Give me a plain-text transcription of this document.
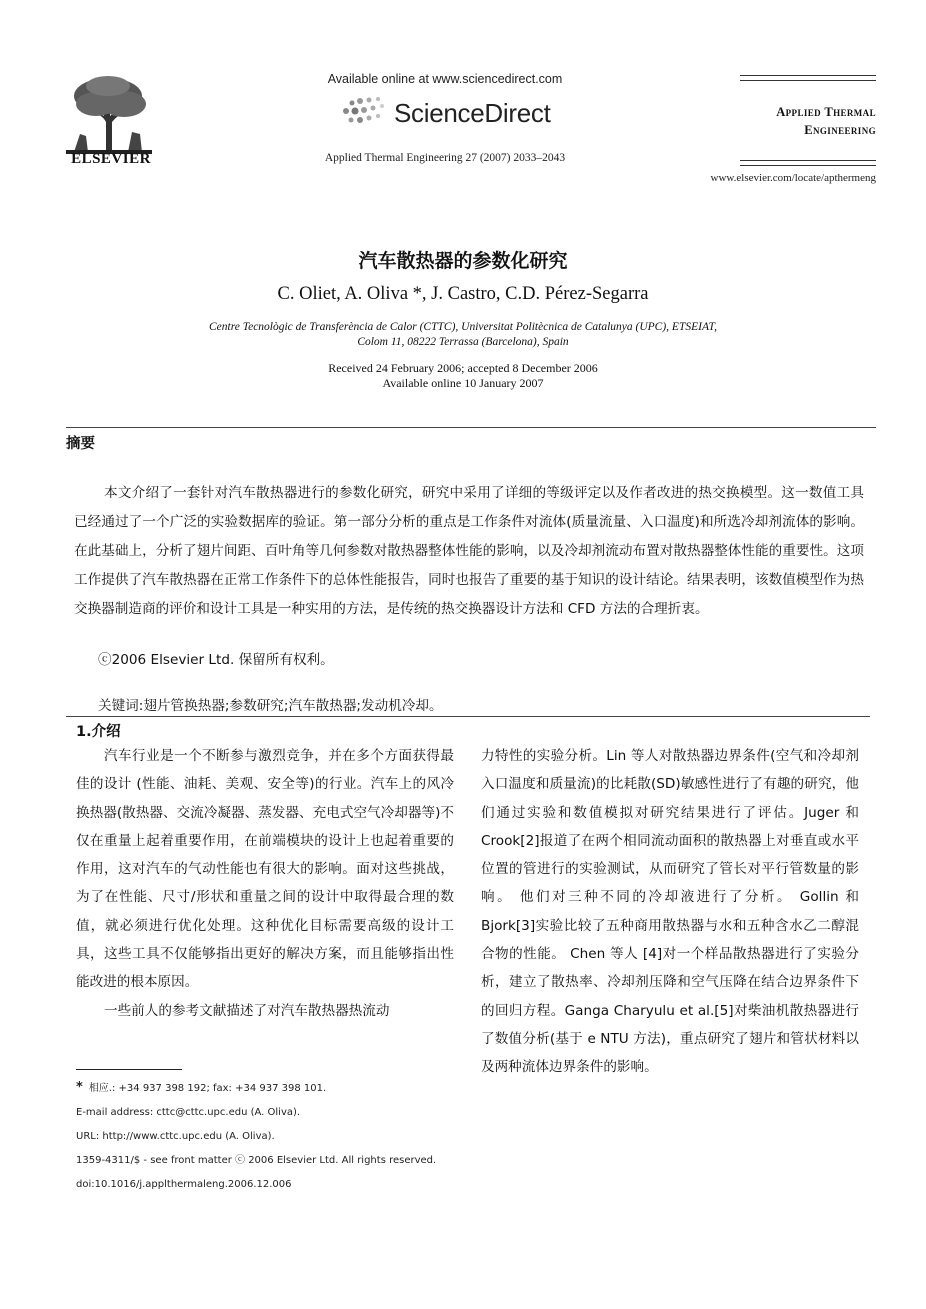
ELSEVIER
Available online at www.sciencedirect.com
ScienceDirect
Applied Thermal Engineering 27 (2007) 2033–2043
Applied Thermal
Engineering
www.elsevier.com/locate/apthermeng
汽车散热器的参数化研究
C. Oliet, A. Oliva *, J. Castro, C.D. Pérez-Segarra
Centre Tecnològic de Transferència de Calor (CTTC), Universitat Politècnica de Catalunya (UPC), ETSEIAT,
Colom 11, 08222 Terrassa (Barcelona), Spain
Received 24 February 2006; accepted 8 December 2006
Available online 10 January 2007
摘要

本文介绍了一套针对汽车散热器进行的参数化研究，研究中采用了详细的等级评定以及作者改进的热交换模型。这一数值工具已经通过了一个广泛的实验数据库的验证。第一部分分析的重点是工作条件对流体(质量流量、入口温度)和所选冷却剂流体的影响。在此基础上，分析了翅片间距、百叶角等几何参数对散热器整体性能的影响，以及冷却剂流动布置对散热器整体性能的重要性。这项工作提供了汽车散热器在正常工作条件下的总体性能报告，同时也报告了重要的基于知识的设计结论。结果表明，该数值模型作为热交换器制造商的评价和设计工具是一种实用的方法，是传统的热交换器设计方法和 CFD 方法的合理折衷。

ⓒ2006 Elsevier Ltd. 保留所有权利。
关键词:翅片管换热器;参数研究;汽车散热器;发动机冷却。
1.介绍

汽车行业是一个不断参与激烈竞争，并在多个方面获得最佳的设计 (性能、油耗、美观、安全等)的行业。汽车上的风冷换热器(散热器、交流冷凝器、蒸发器、充电式空气冷却器等)不仅在重量上起着重要作用，在前端模块的设计上也起着重要的作用，这对汽车的气动性能也有很大的影响。面对这些挑战，为了在性能、尺寸/形状和重量之间的设计中取得最合理的数值，就必须进行优化处理。这种优化目标需要高级的设计工具，这些工具不仅能够指出更好的解决方案，而且能够指出性能改进的根本原因。

一些前人的参考文献描述了对汽车散热器热流动

力特性的实验分析。Lin 等人对散热器边界条件(空气和冷却剂入口温度和质量流)的比耗散(SD)敏感性进行了有趣的研究，他们通过实验和数值模拟对研究结果进行了评估。Juger 和 Crook[2]报道了在两个相同流动面积的散热器上对垂直或水平位置的管进行的实验测试，从而研究了管长对平行管数量的影响。 他们对三种不同的冷却液进行了分析。 Gollin 和 Bjork[3]实验比较了五种商用散热器与水和五种含水乙二醇混合物的性能。 Chen 等人 [4]对一个样品散热器进行了实验分析，建立了散热率、冷却剂压降和空气压降在结合边界条件下的回归方程。Ganga Charyulu et al.[5]对柴油机散热器进行了数值分析(基于 e NTU 方法)，重点研究了翅片和管状材料以及两种流体边界条件的影响。

* 相应.: +34 937 398 192; fax: +34 937 398 101.
E-mail address: cttc@cttc.upc.edu (A. Oliva).
URL: http://www.cttc.upc.edu (A. Oliva).
1359-4311/$ - see front matter ⓒ 2006 Elsevier Ltd. All rights reserved.
doi:10.1016/j.applthermaleng.2006.12.006
